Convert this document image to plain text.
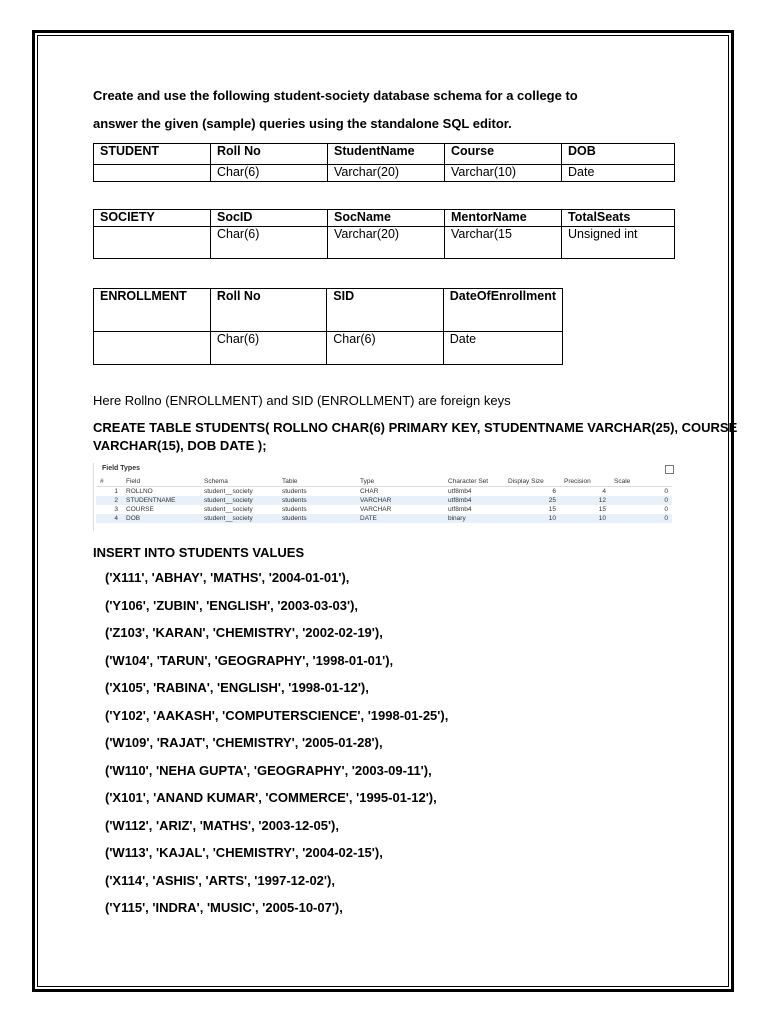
Create and use the following student-society database schema for a college to
answer the given (sample) queries using the standalone SQL editor.
STUDENT	Roll No	StudentName	Course	DOB
	Char(6)	Varchar(20)	Varchar(10)	Date
SOCIETY	SocID	SocName	MentorName	TotalSeats
	Char(6)	Varchar(20)	Varchar(15	Unsigned int
ENROLLMENT	Roll No	SID	DateOfEnrollment
	Char(6)	Char(6)	Date
Here Rollno (ENROLLMENT) and SID (ENROLLMENT) are foreign keys
CREATE TABLE STUDENTS( ROLLNO CHAR(6) PRIMARY KEY, STUDENTNAME VARCHAR(25), COURSE
VARCHAR(15), DOB DATE );
Field Types
#	Field	Schema	Table	Type	Character Set	Display Size	Precision	Scale
1	ROLLNO	student__society	students	CHAR	utf8mb4	6	4	0
2	STUDENTNAME	student__society	students	VARCHAR	utf8mb4	25	12	0
3	COURSE	student__society	students	VARCHAR	utf8mb4	15	15	0
4	DOB	student__society	students	DATE	binary	10	10	0
INSERT INTO STUDENTS VALUES
('X111', 'ABHAY', 'MATHS', '2004-01-01'),
('Y106', 'ZUBIN', 'ENGLISH', '2003-03-03'),
('Z103', 'KARAN', 'CHEMISTRY', '2002-02-19'),
('W104', 'TARUN', 'GEOGRAPHY', '1998-01-01'),
('X105', 'RABINA', 'ENGLISH', '1998-01-12'),
('Y102', 'AAKASH', 'COMPUTERSCIENCE', '1998-01-25'),
('W109', 'RAJAT', 'CHEMISTRY', '2005-01-28'),
('W110', 'NEHA GUPTA', 'GEOGRAPHY', '2003-09-11'),
('X101', 'ANAND KUMAR', 'COMMERCE', '1995-01-12'),
('W112', 'ARIZ', 'MATHS', '2003-12-05'),
('W113', 'KAJAL', 'CHEMISTRY', '2004-02-15'),
('X114', 'ASHIS', 'ARTS', '1997-12-02'),
('Y115', 'INDRA', 'MUSIC', '2005-10-07'),
